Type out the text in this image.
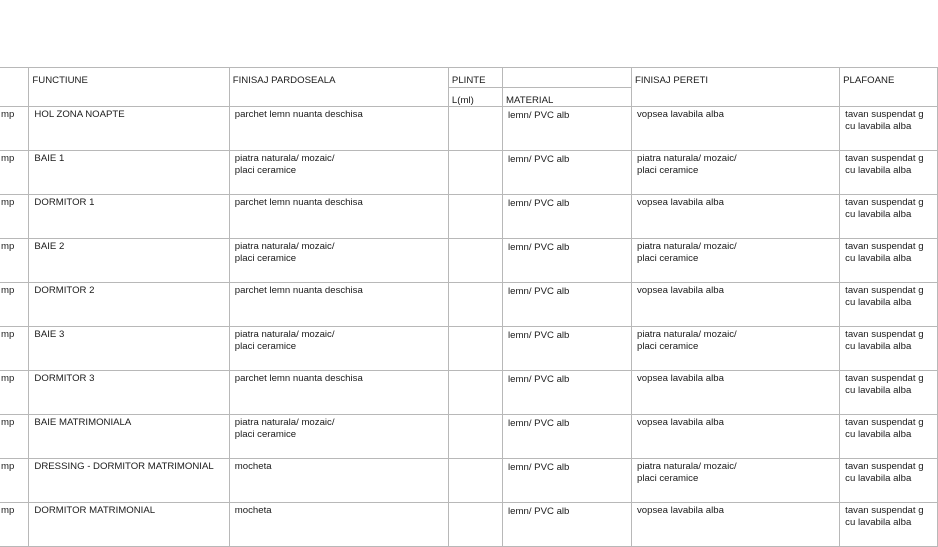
	FUNCTIUNE	FINISAJ PARDOSEALA	PLINTE		FINISAJ PERETI	PLAFOANE
			L(ml)	MATERIAL		
mp	HOL ZONA NOAPTE	parchet lemn nuanta deschisa		lemn/ PVC alb	vopsea lavabila alba	tavan suspendat g
cu lavabila alba
mp	BAIE 1	piatra naturala/ mozaic/
placi ceramice		lemn/ PVC alb	piatra naturala/ mozaic/
placi ceramice	tavan suspendat g
cu lavabila alba
mp	DORMITOR 1	parchet lemn nuanta deschisa		lemn/ PVC alb	vopsea lavabila alba	tavan suspendat g
cu lavabila alba
mp	BAIE 2	piatra naturala/ mozaic/
placi ceramice		lemn/ PVC alb	piatra naturala/ mozaic/
placi ceramice	tavan suspendat g
cu lavabila alba
mp	DORMITOR 2	parchet lemn nuanta deschisa		lemn/ PVC alb	vopsea lavabila alba	tavan suspendat g
cu lavabila alba
mp	BAIE 3	piatra naturala/ mozaic/
placi ceramice		lemn/ PVC alb	piatra naturala/ mozaic/
placi ceramice	tavan suspendat g
cu lavabila alba
mp	DORMITOR 3	parchet lemn nuanta deschisa		lemn/ PVC alb	vopsea lavabila alba	tavan suspendat g
cu lavabila alba
mp	BAIE MATRIMONIALA	piatra naturala/ mozaic/
placi ceramice		lemn/ PVC alb	vopsea lavabila alba	tavan suspendat g
cu lavabila alba
mp	DRESSING - DORMITOR MATRIMONIAL	mocheta		lemn/ PVC alb	piatra naturala/ mozaic/
placi ceramice	tavan suspendat g
cu lavabila alba
mp	DORMITOR MATRIMONIAL	mocheta		lemn/ PVC alb	vopsea lavabila alba	tavan suspendat g
cu lavabila alba
